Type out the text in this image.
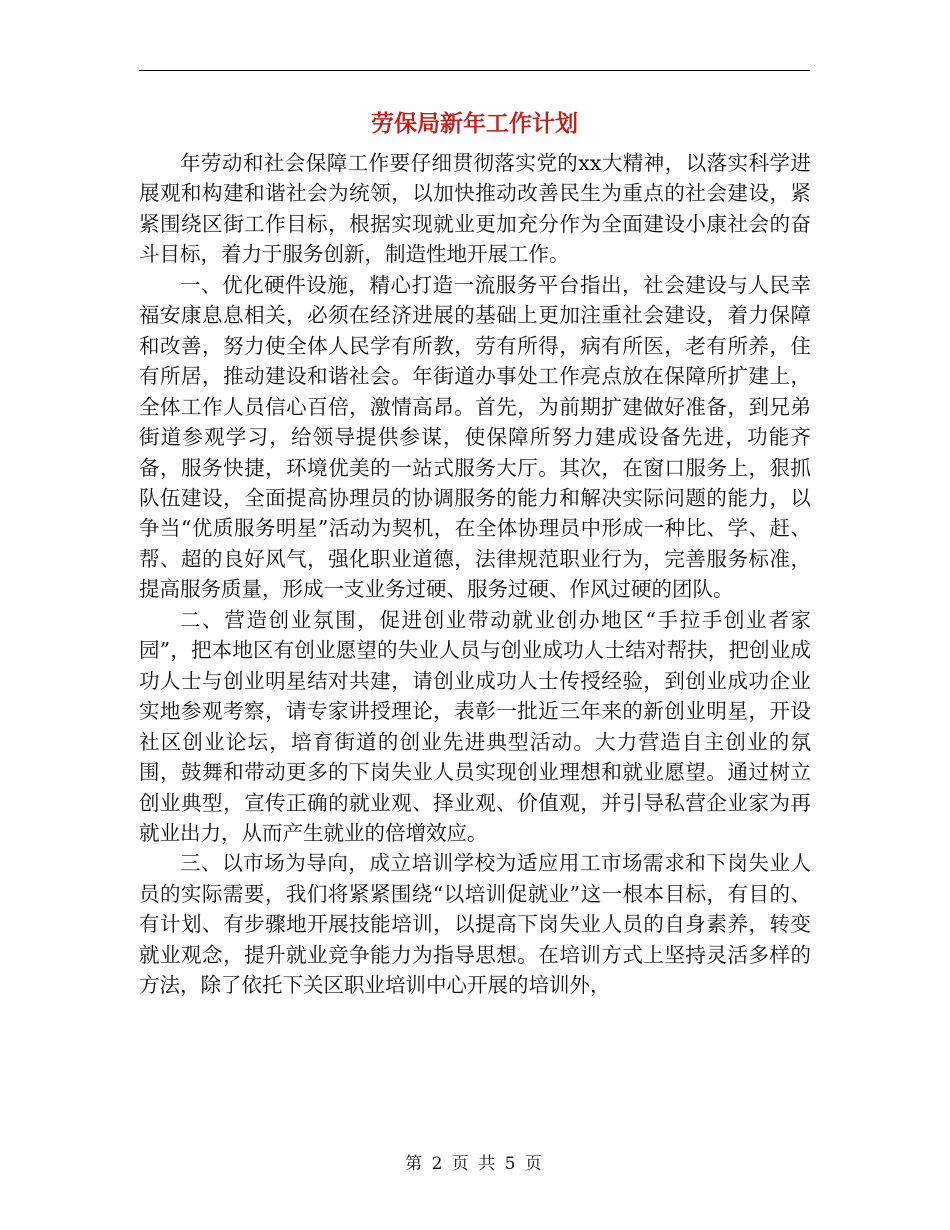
劳保局新年工作计划

年劳动和社会保障工作要仔细贯彻落实党的xx大精神，以落实科学进展观和构建和谐社会为统领，以加快推动改善民生为重点的社会建设，紧紧围绕区街工作目标，根据实现就业更加充分作为全面建设小康社会的奋斗目标，着力于服务创新，制造性地开展工作。

一、优化硬件设施，精心打造一流服务平台指出，社会建设与人民幸福安康息息相关，必须在经济进展的基础上更加注重社会建设，着力保障和改善，努力使全体人民学有所教，劳有所得，病有所医，老有所养，住有所居，推动建设和谐社会。年街道办事处工作亮点放在保障所扩建上，全体工作人员信心百倍，激情高昂。首先，为前期扩建做好准备，到兄弟街道参观学习，给领导提供参谋，使保障所努力建成设备先进，功能齐备，服务快捷，环境优美的一站式服务大厅。其次，在窗口服务上，狠抓队伍建设，全面提高协理员的协调服务的能力和解决实际问题的能力，以争当“优质服务明星”活动为契机，在全体协理员中形成一种比、学、赶、帮、超的良好风气，强化职业道德，法律规范职业行为，完善服务标准，提高服务质量，形成一支业务过硬、服务过硬、作风过硬的团队。

二、营造创业氛围，促进创业带动就业创办地区“手拉手创业者家园”，把本地区有创业愿望的失业人员与创业成功人士结对帮扶，把创业成功人士与创业明星结对共建，请创业成功人士传授经验，到创业成功企业实地参观考察，请专家讲授理论，表彰一批近三年来的新创业明星，开设社区创业论坛，培育街道的创业先进典型活动。大力营造自主创业的氛围，鼓舞和带动更多的下岗失业人员实现创业理想和就业愿望。通过树立创业典型，宣传正确的就业观、择业观、价值观，并引导私营企业家为再就业出力，从而产生就业的倍增效应。

三、以市场为导向，成立培训学校为适应用工市场需求和下岗失业人员的实际需要，我们将紧紧围绕“以培训促就业”这一根本目标，有目的、有计划、有步骤地开展技能培训，以提高下岗失业人员的自身素养，转变就业观念，提升就业竞争能力为指导思想。在培训方式上坚持灵活多样的方法，除了依托下关区职业培训中心开展的培训外，

第 2 页 共 5 页
